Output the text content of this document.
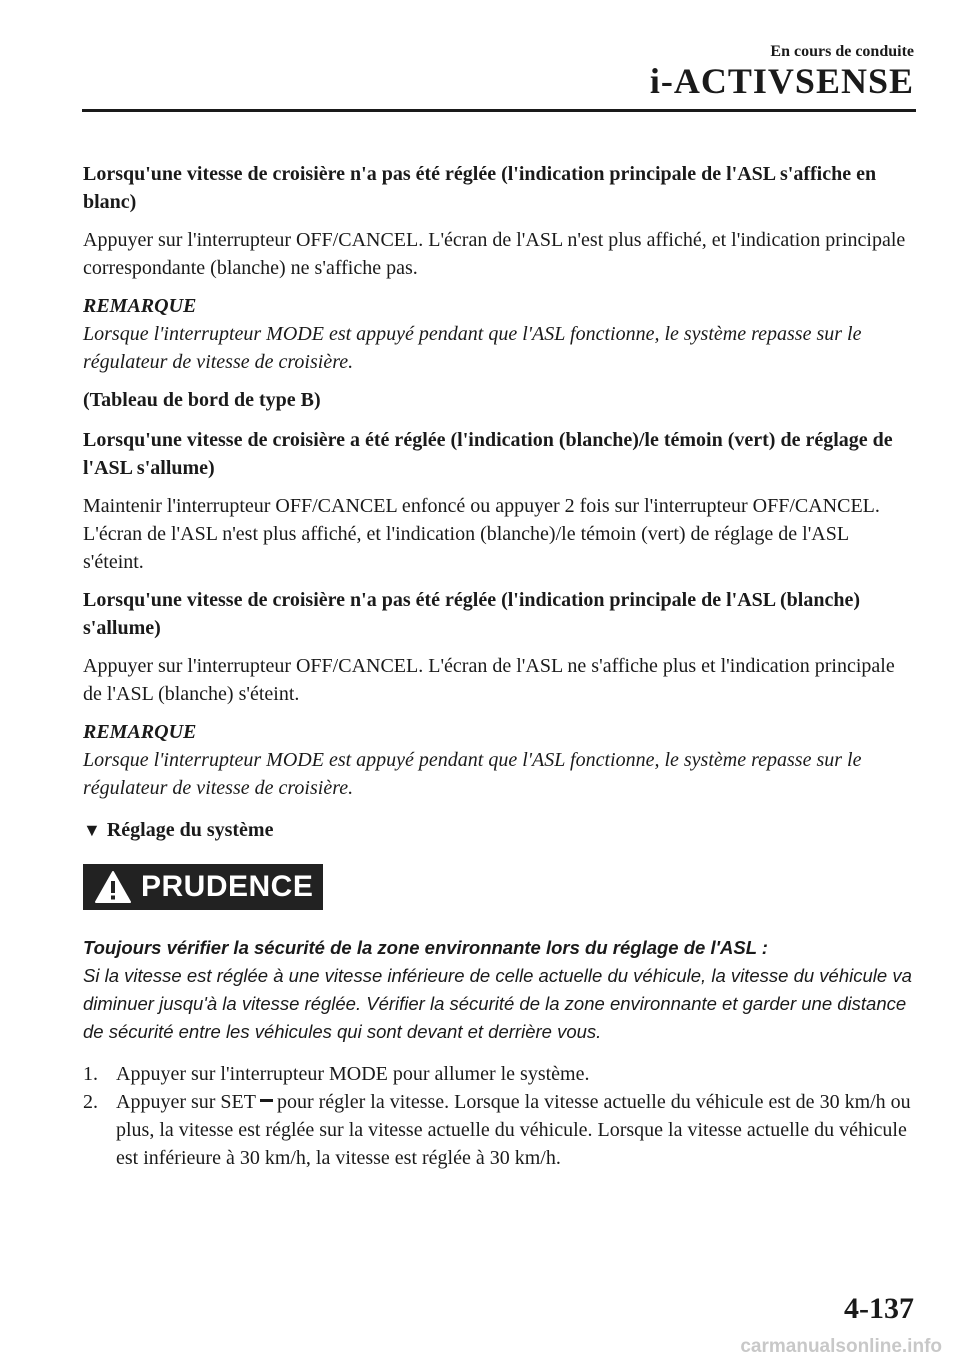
En cours de conduite
i-ACTIVSENSE

Lorsqu'une vitesse de croisière n'a pas été réglée (l'indication principale de l'ASL s'affiche en blanc)

Appuyer sur l'interrupteur OFF/CANCEL. L'écran de l'ASL n'est plus affiché, et l'indication principale correspondante (blanche) ne s'affiche pas.

REMARQUE

Lorsque l'interrupteur MODE est appuyé pendant que l'ASL fonctionne, le système repasse sur le régulateur de vitesse de croisière.

(Tableau de bord de type B)

Lorsqu'une vitesse de croisière a été réglée (l'indication (blanche)/le témoin (vert) de réglage de l'ASL s'allume)

Maintenir l'interrupteur OFF/CANCEL enfoncé ou appuyer 2 fois sur l'interrupteur OFF/CANCEL. L'écran de l'ASL n'est plus affiché, et l'indication (blanche)/le témoin (vert) de réglage de l'ASL s'éteint.

Lorsqu'une vitesse de croisière n'a pas été réglée (l'indication principale de l'ASL (blanche) s'allume)

Appuyer sur l'interrupteur OFF/CANCEL. L'écran de l'ASL ne s'affiche plus et l'indication principale de l'ASL (blanche) s'éteint.

REMARQUE

Lorsque l'interrupteur MODE est appuyé pendant que l'ASL fonctionne, le système repasse sur le régulateur de vitesse de croisière.

▼ Réglage du système
PRUDENCE

Toujours vérifier la sécurité de la zone environnante lors du réglage de l'ASL :

Si la vitesse est réglée à une vitesse inférieure de celle actuelle du véhicule, la vitesse du véhicule va diminuer jusqu'à la vitesse réglée. Vérifier la sécurité de la zone environnante et garder une distance de sécurité entre les véhicules qui sont devant et derrière vous.

1. Appuyer sur l'interrupteur MODE pour allumer le système.
2. Appuyer sur SET pour régler la vitesse. Lorsque la vitesse actuelle du véhicule est de 30 km/h ou plus, la vitesse est réglée sur la vitesse actuelle du véhicule. Lorsque la vitesse actuelle du véhicule est inférieure à 30 km/h, la vitesse est réglée à 30 km/h.
4-137
carmanualsonline.info
